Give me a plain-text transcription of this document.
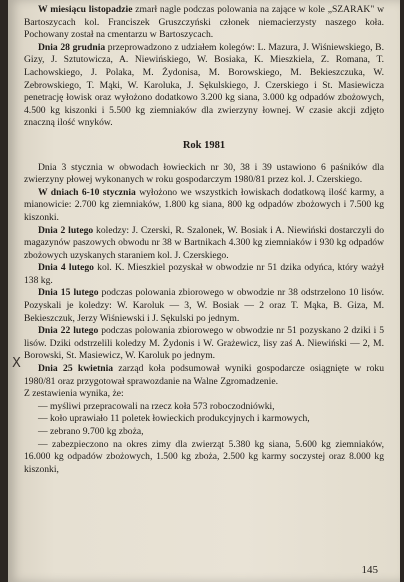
W miesiącu listopadzie zmarł nagle podczas polowania na zające w kole „SZARAK" w Bartoszycach kol. Franciszek Gruszczyński członek niemacierzysty naszego koła. Pochowany został na cmentarzu w Bartoszycach.

Dnia 28 grudnia przeprowadzono z udziałem kolegów: L. Mazura, J. Wiśniewskiego, B. Gizy, J. Sztutowicza, A. Niewińskiego, W. Bosiaka, K. Mieszkiela, Z. Romana, T. Lachowskiego, J. Polaka, M. Żydonisa, M. Borowskiego, M. Bekieszczuka, W. Zebrowskiego, T. Mąki, W. Karoluka, J. Sękulskiego, J. Czerskiego i St. Masiewicza penetrację łowisk oraz wyłożono dodatkowo 3.200 kg siana, 3.000 kg odpadów zbożowych, 4.500 kg kiszonki i 5.500 kg ziemniaków dla zwierzyny łownej. W czasie akcji zdjęto znaczną ilość wnyków.

Rok 1981

Dnia 3 stycznia w obwodach łowieckich nr 30, 38 i 39 ustawiono 6 paśników dla zwierzyny płowej wykonanych w roku gospodarczym 1980/81 przez kol. J. Czerskiego.

W dniach 6-10 stycznia wyłożono we wszystkich łowiskach dodatkową ilość karmy, a mianowicie: 2.700 kg ziemniaków, 1.800 kg siana, 800 kg odpadów zbożowych i 7.500 kg kiszonki.

Dnia 2 lutego koledzy: J. Czerski, R. Szalonek, W. Bosiak i A. Niewiński dostarczyli do magazynów paszowych obwodu nr 38 w Bartnikach 4.300 kg ziemniaków i 930 kg odpadów zbożowych uzyskanych staraniem kol. J. Czerskiego.

Dnia 4 lutego kol. K. Mieszkiel pozyskał w obwodzie nr 51 dzika odyńca, który ważył 138 kg.

Dnia 15 lutego podczas polowania zbiorowego w obwodzie nr 38 odstrzelono 10 lisów. Pozyskali je koledzy: W. Karoluk — 3, W. Bosiak — 2 oraz T. Mąka, B. Giza, M. Bekieszczuk, Jerzy Wiśniewski i J. Sękulski po jednym.

Dnia 22 lutego podczas polowania zbiorowego w obwodzie nr 51 pozyskano 2 dziki i 5 lisów. Dziki odstrzelili koledzy M. Żydonis i W. Grażewicz, lisy zaś A. Niewiński — 2, M. Borowski, St. Masiewicz, W. Karoluk po jednym.

Dnia 25 kwietnia zarząd koła podsumował wyniki gospodarcze osiągnięte w roku 1980/81 oraz przygotował sprawozdanie na Walne Zgromadzenie.

Z zestawienia wynika, że:

— myśliwi przepracowali na rzecz koła 573 roboczodniówki,

— koło uprawiało 11 poletek łowieckich produkcyjnych i karmowych,

— zebrano 9.700 kg zboża,

— zabezpieczono na okres zimy dla zwierząt 5.380 kg siana, 5.600 kg ziemniaków, 16.000 kg odpadów zbożowych, 1.500 kg zboża, 2.500 kg karmy soczystej oraz 8.000 kg kiszonki,

X
145
